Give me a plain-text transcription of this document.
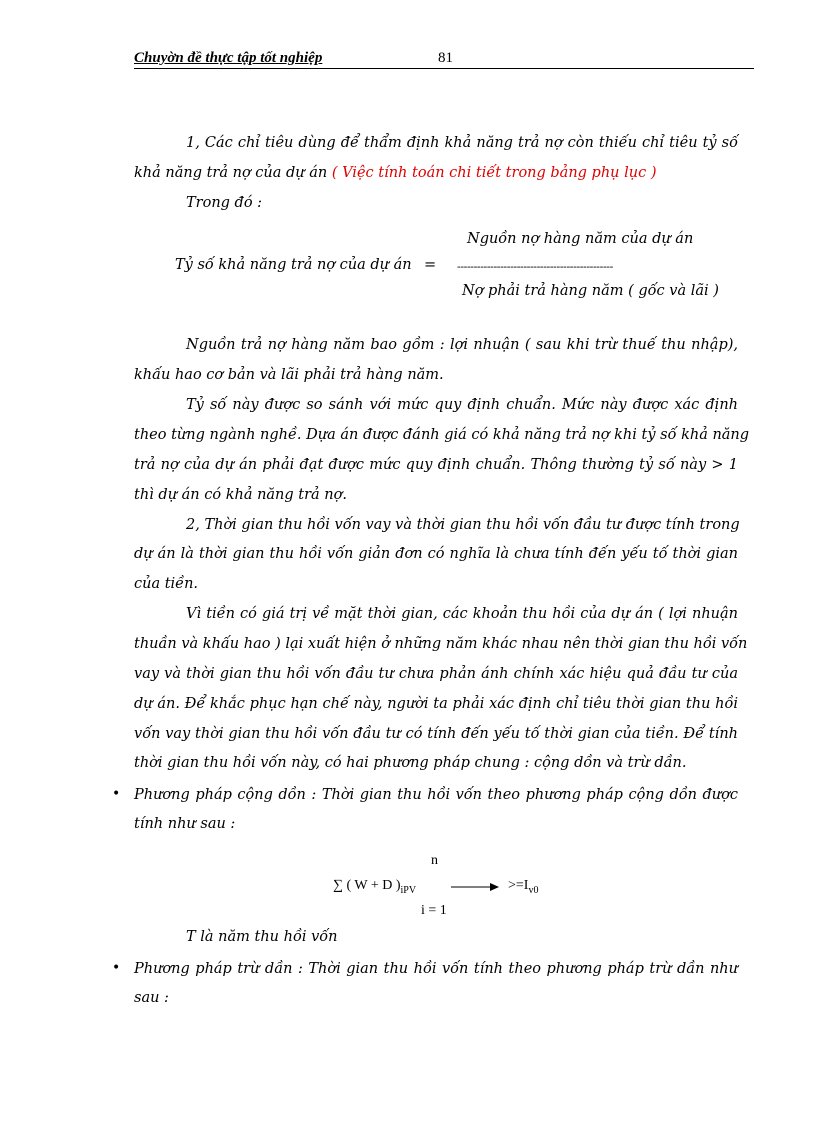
Chuyờn đề thực tập tốt nghiệp	81
1, Các chỉ tiêu dùng để thẩm định khả năng trả nợ còn thiếu chỉ tiêu tỷ số
khả năng trả nợ của dự án ( Việc tính toán chi tiết trong bảng phụ lục )
Trong đó :
Nguồn nợ hàng năm của dự án
Tỷ số khả năng trả nợ của dự án = -----------------------------------------------
Nợ phải trả hàng năm ( gốc và lãi )
Nguồn trả nợ hàng năm bao gồm : lợi nhuận ( sau khi trừ thuế thu nhập),
khấu hao cơ bản và lãi phải trả hàng năm.
Tỷ số này được so sánh với mức quy định chuẩn. Mức này được xác định
theo từng ngành nghề. Dựa án được đánh giá có khả năng trả nợ khi tỷ số khả năng
trả nợ của dự án phải đạt được mức quy định chuẩn. Thông thường tỷ số này > 1
thì dự án có khả năng trả nợ.
2, Thời gian thu hồi vốn vay và thời gian thu hồi vốn đầu tư được tính trong
dự án là thời gian thu hồi vốn giản đơn có nghĩa là chưa tính đến yếu tố thời gian
của tiền.
Vì tiền có giá trị về mặt thời gian, các khoản thu hồi của dự án ( lợi nhuận
thuần và khấu hao ) lại xuất hiện ở những năm khác nhau nên thời gian thu hồi vốn
vay và thời gian thu hồi vốn đầu tư chưa phản ánh chính xác hiệu quả đầu tư của
dự án. Để khắc phục hạn chế này, người ta phải xác định chỉ tiêu thời gian thu hồi
vốn vay thời gian thu hồi vốn đầu tư có tính đến yếu tố thời gian của tiền. Để tính
thời gian thu hồi vốn này, có hai phương pháp chung : cộng dồn và trừ dần.
• Phương pháp cộng dồn : Thời gian thu hồi vốn theo phương pháp cộng dồn được
tính như sau :
n
∑ ( W + D )$_{iPV}$	$>=I_{v0}$
i = 1
T là năm thu hồi vốn
• Phương pháp trừ dần : Thời gian thu hồi vốn tính theo phương pháp trừ dần như
sau :
